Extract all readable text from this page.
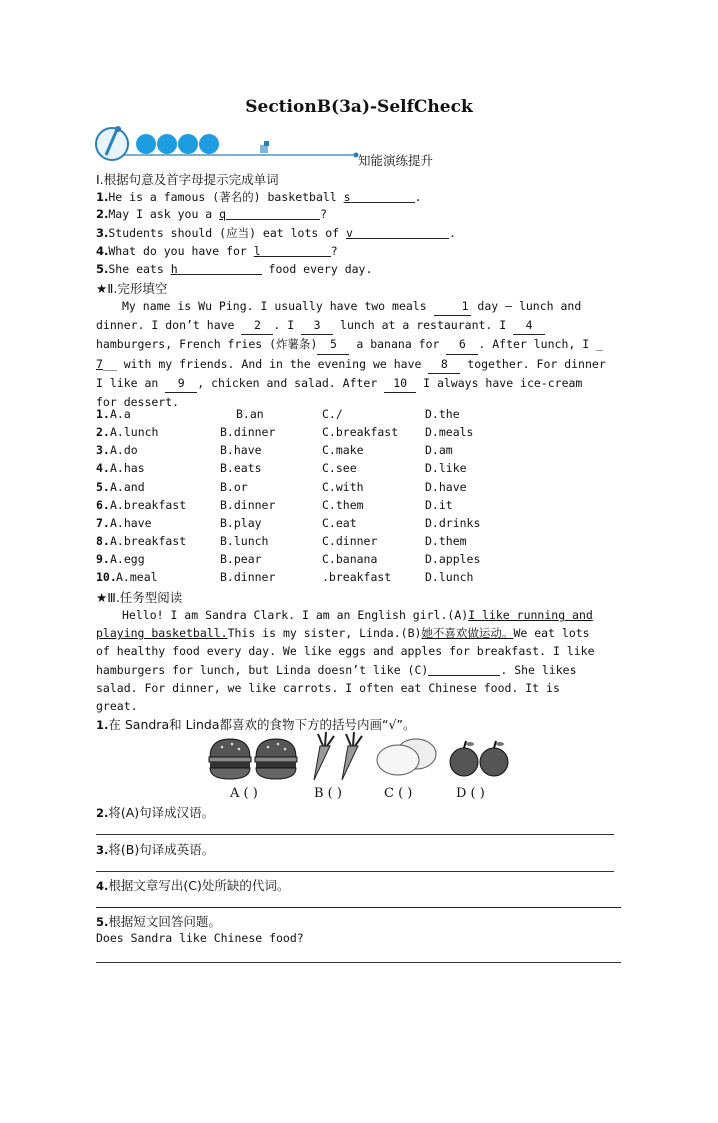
SectionB(3a)-SelfCheck
知能演练提升
Ⅰ.根据句意及首字母提示完成单词
1.He is a famous (著名的) basketball s	.
2.May I ask you a q	?
3.Students should (应当) eat lots of v	.
4.What do you have for l	?
5.She eats h	food every day.
★Ⅱ.完形填空
My name is Wu Ping. I usually have two meals 1 day — lunch and
dinner. I don’t have 2 . I 3 lunch at a restaurant. I 4
hamburgers, French fries (炸薯条) 5 a banana for 6 . After lunch, I _
7__ with my friends. And in the evening we have 8 together. For dinner
I like an 9 , chicken and salad. After 10 I always have ice-cream
for dessert.
1. A.a	B.an	C./	D.the
2. A.lunch	B.dinner	C.breakfast D.meals
3. A.do	B.have	C.make	D.am
4. A.has	B.eats	C.see	D.like
5. A.and	B.or	C.with	D.have
6. A.breakfast	B.dinner	C.them	D.it
7. A.have	B.play	C.eat	D.drinks
8. A.breakfast	B.lunch	C.dinner	D.them
9. A.egg	B.pear	C.banana	D.apples
10. A.meal	B.dinner	.breakfast	D.lunch
★Ⅲ.任务型阅读
Hello! I am Sandra Clark. I am an English girl.(A)I like running and
playing basketball.This is my sister, Linda.(B)她不喜欢做运动。We eat lots
of healthy food every day. We like eggs and apples for breakfast. I like
hamburgers for lunch, but Linda doesn’t like (C)	. She likes
salad. For dinner, we like carrots. I often eat Chinese food. It is
great.
1.在 Sandra和 Linda都喜欢的食物下方的括号内画“√”。
A ( )	B ( )	C ( )	D ( )
2.将(A)句译成汉语。
3.将(B)句译成英语。
4.根据文章写出(C)处所缺的代词。
5.根据短文回答问题。
Does Sandra like Chinese food?
